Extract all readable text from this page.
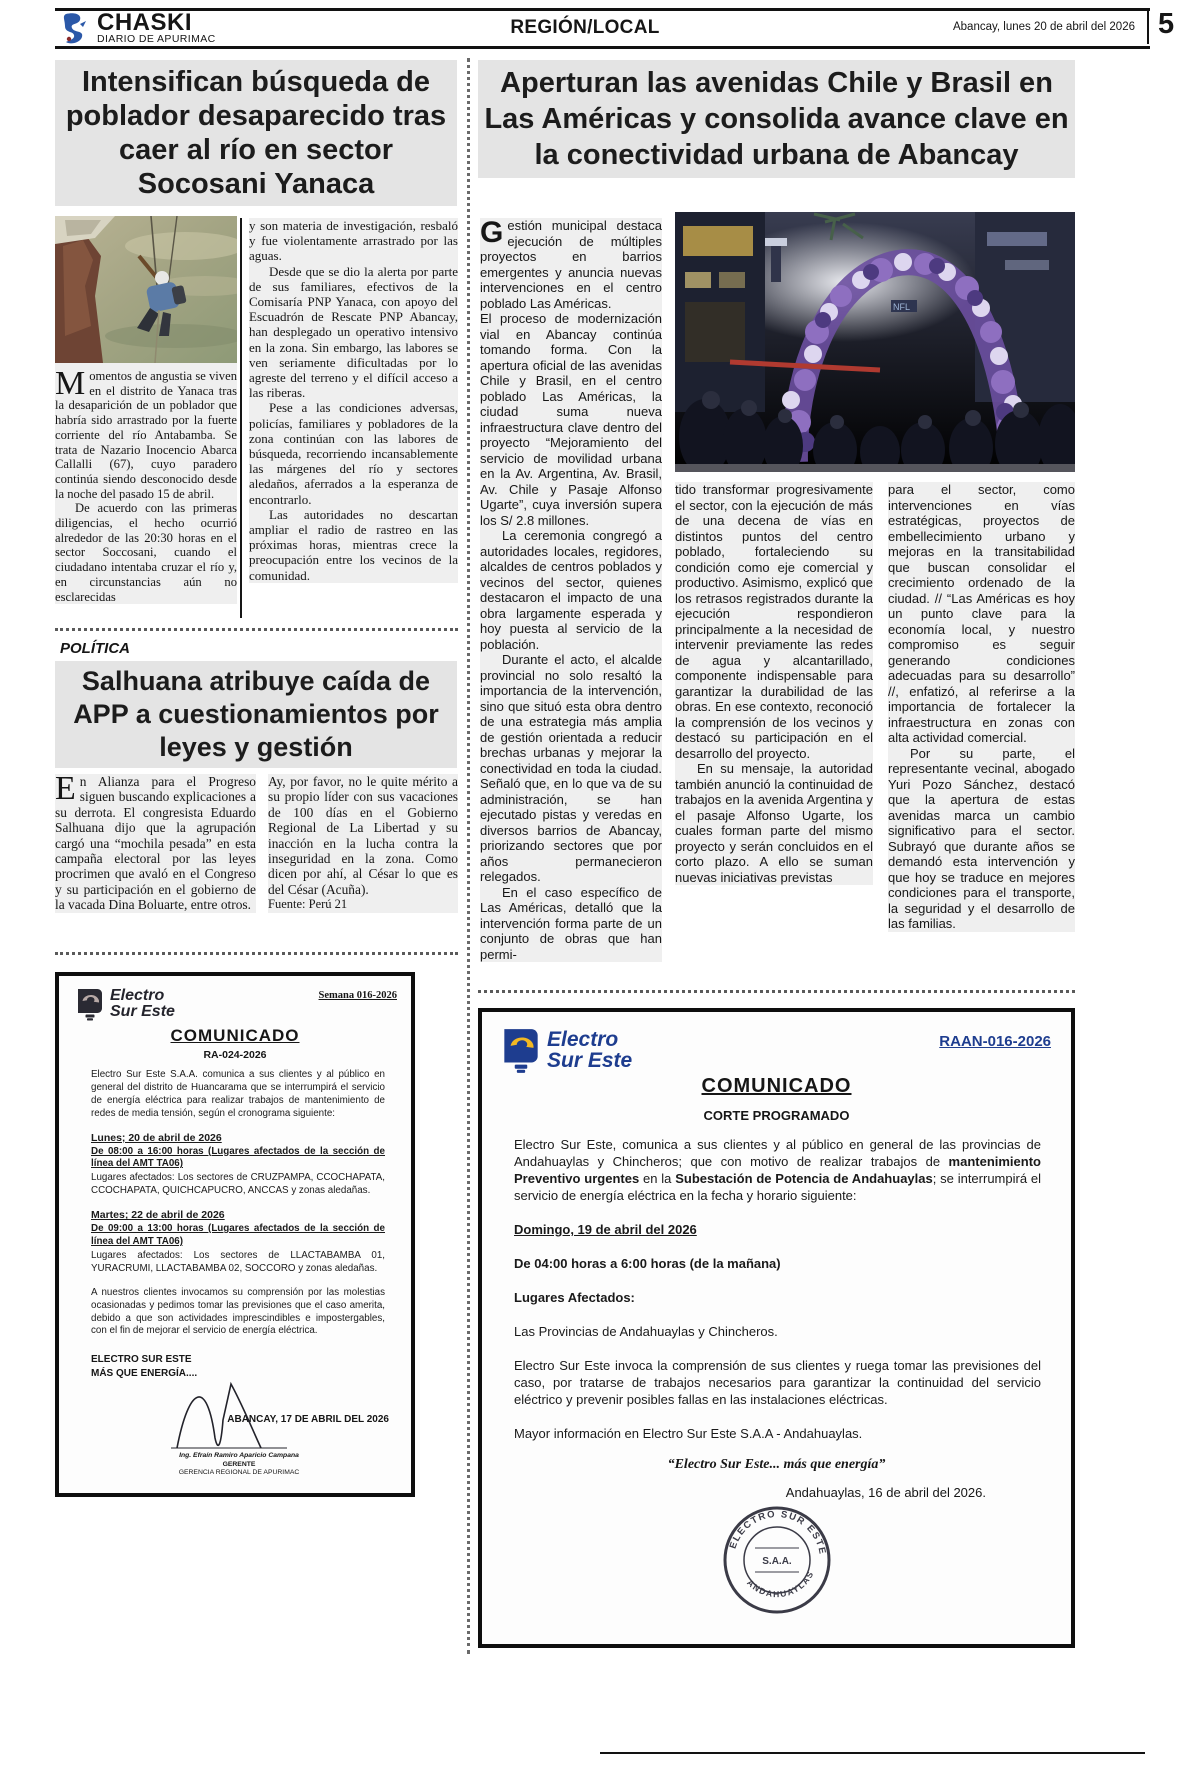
CHASKI
DIARIO DE APURIMAC
REGIÓN/LOCAL	Abancay, lunes 20 de abril del 2026 5
Intensifican búsqueda de poblador desaparecido tras caer al río en sector Socosani Yanaca

Momentos de angustia se viven en el distrito de Yanaca tras la desaparición de un poblador que habría sido arrastrado por la fuerte corriente del río Antabamba. Se trata de Nazario Inocencio Abarca Callalli (67), cuyo paradero continúa siendo desconocido desde la noche del pasado 15 de abril.

De acuerdo con las primeras diligencias, el hecho ocurrió alrededor de las 20:30 horas en el sector Soccosani, cuando el ciudadano intentaba cruzar el río y, en circunstancias aún no esclarecidas

y son materia de investigación, resbaló y fue violentamente arrastrado por las aguas.

Desde que se dio la alerta por parte de sus familiares, efectivos de la Comisaría PNP Yanaca, con apoyo del Escuadrón de Rescate PNP Abancay, han desplegado un operativo intensivo en la zona. Sin embargo, las labores se ven seriamente dificultadas por lo agreste del terreno y el difícil acceso a las riberas.

Pese a las condiciones adversas, policías, familiares y pobladores de la zona continúan con las labores de búsqueda, recorriendo incansablemente las márgenes del río y sectores aledaños, aferrados a la esperanza de encontrarlo.

Las autoridades no descartan ampliar el radio de rastreo en las próximas horas, mientras crece la preocupación entre los vecinos de la comunidad.

POLÍTICA
Salhuana atribuye caída de APP a cuestionamientos por leyes y gestión

En Alianza para el Progreso siguen buscando explicaciones a su derrota. El congresista Eduardo Salhuana dijo que la agrupación cargó una “mochila pesada” en esta campaña electoral por las leyes procrimen que avaló en el Congreso y su participación en el gobierno de la vacada Dina Boluarte, entre otros.

Ay, por favor, no le quite mérito a su propio líder con sus vacaciones de 100 días en el Gobierno Regional de La Libertad y su inacción en la lucha contra la inseguridad en la zona. Como dicen por ahí, al César lo que es del César (Acuña).

Fuente: Perú 21

Electro
Sur Este
Semana 016-2026
COMUNICADO
RA-024-2026
Electro Sur Este S.A.A. comunica a sus clientes y al público en general del distrito de Huancarama que se interrumpirá el servicio de energía eléctrica para realizar trabajos de mantenimiento de redes de media tensión, según el cronograma siguiente:
Lunes; 20 de abril de 2026
De 08:00 a 16:00 horas (Lugares afectados de la sección de línea del AMT TA06)
Lugares afectados: Los sectores de CRUZPAMPA, CCOCHAPATA, CCOCHAPATA, QUICHCAPUCRO, ANCCAS y zonas aledañas.
Martes; 22 de abril de 2026
De 09:00 a 13:00 horas (Lugares afectados de la sección de línea del AMT TA06)
Lugares afectados: Los sectores de LLACTABAMBA 01, YURACRUMI, LLACTABAMBA 02, SOCCORO y zonas aledañas.
A nuestros clientes invocamos su comprensión por las molestias ocasionadas y pedimos tomar las previsiones que el caso amerita, debido a que son actividades imprescindibles e impostergables, con el fin de mejorar el servicio de energía eléctrica.
ELECTRO SUR ESTE
MÁS QUE ENERGÍA....
ABANCAY, 17 DE ABRIL DEL 2026
Ing. Efraín Ramiro Aparicio Campana
GERENTE
GERENCIA REGIONAL DE APURIMAC
Aperturan las avenidas Chile y Brasil en Las Américas y consolida avance clave en la conectividad urbana de Abancay

Gestión municipal destaca ejecución de múltiples proyectos en barrios emergentes y anuncia nuevas intervenciones en el centro poblado Las Américas.

El proceso de modernización vial en Abancay continúa tomando forma. Con la apertura oficial de las avenidas Chile y Brasil, en el centro poblado Las Américas, la ciudad suma nueva infraestructura clave dentro del proyecto “Mejoramiento del servicio de movilidad urbana en la Av. Argentina, Av. Brasil, Av. Chile y Pasaje Alfonso Ugarte”, cuya inversión supera los S/ 2.8 millones.

La ceremonia congregó a autoridades locales, regidores, alcaldes de centros poblados y vecinos del sector, quienes destacaron el impacto de una obra largamente esperada y hoy puesta al servicio de la población.

Durante el acto, el alcalde provincial no solo resaltó la importancia de la intervención, sino que situó esta obra dentro de una estrategia más amplia de gestión orientada a reducir brechas urbanas y mejorar la conectividad en toda la ciudad. Señaló que, en lo que va de su administración, se han ejecutado pistas y veredas en diversos barrios de Abancay, priorizando sectores que por años permanecieron relegados.

En el caso específico de Las Américas, detalló que la intervención forma parte de un conjunto de obras que han permi-

NFL

tido transformar progresivamente el sector, con la ejecución de más de una decena de vías en distintos puntos del centro poblado, fortaleciendo su condición como eje comercial y productivo. Asimismo, explicó que los retrasos registrados durante la ejecución respondieron principalmente a la necesidad de intervenir previamente las redes de agua y alcantarillado, componente indispensable para garantizar la durabilidad de las obras. En ese contexto, reconoció la comprensión de los vecinos y destacó su participación en el desarrollo del proyecto.

En su mensaje, la autoridad también anunció la continuidad de trabajos en la avenida Argentina y el pasaje Alfonso Ugarte, los cuales forman parte del mismo proyecto y serán concluidos en el corto plazo. A ello se suman nuevas iniciativas previstas

para el sector, como intervenciones en vías estratégicas, proyectos de embellecimiento urbano y mejoras en la transitabilidad que buscan consolidar el crecimiento ordenado de la ciudad. // “Las Américas es hoy un punto clave para la economía local, y nuestro compromiso es seguir generando condiciones adecuadas para su desarrollo” //, enfatizó, al referirse a la importancia de fortalecer la infraestructura en zonas con alta actividad comercial.

Por su parte, el representante vecinal, abogado Yuri Pozo Sánchez, destacó que la apertura de estas avenidas marca un cambio significativo para el sector. Subrayó que durante años se demandó esta intervención y que hoy se traduce en mejores condiciones para el transporte, la seguridad y el desarrollo de las familias.

Electro
Sur Este
RAAN-016-2026
COMUNICADO
CORTE PROGRAMADO
Electro Sur Este, comunica a sus clientes y al público en general de las provincias de Andahuaylas y Chincheros; que con motivo de realizar trabajos de mantenimiento Preventivo urgentes en la Subestación de Potencia de Andahuaylas; se interrumpirá el servicio de energía eléctrica en la fecha y horario siguiente:
Domingo, 19 de abril del 2026
De 04:00 horas a 6:00 horas (de la mañana)
Lugares Afectados:
Las Provincias de Andahuaylas y Chincheros.
Electro Sur Este invoca la comprensión de sus clientes y ruega tomar las previsiones del caso, por tratarse de trabajos necesarios para garantizar la continuidad del servicio eléctrico y prevenir posibles fallas en las instalaciones eléctricas.
Mayor información en Electro Sur Este S.A.A - Andahuaylas.
“Electro Sur Este... más que energía”
Andahuaylas, 16 de abril del 2026.
ELECTRO SUR ESTE
ANDAHUAYLAS
S.A.A.
